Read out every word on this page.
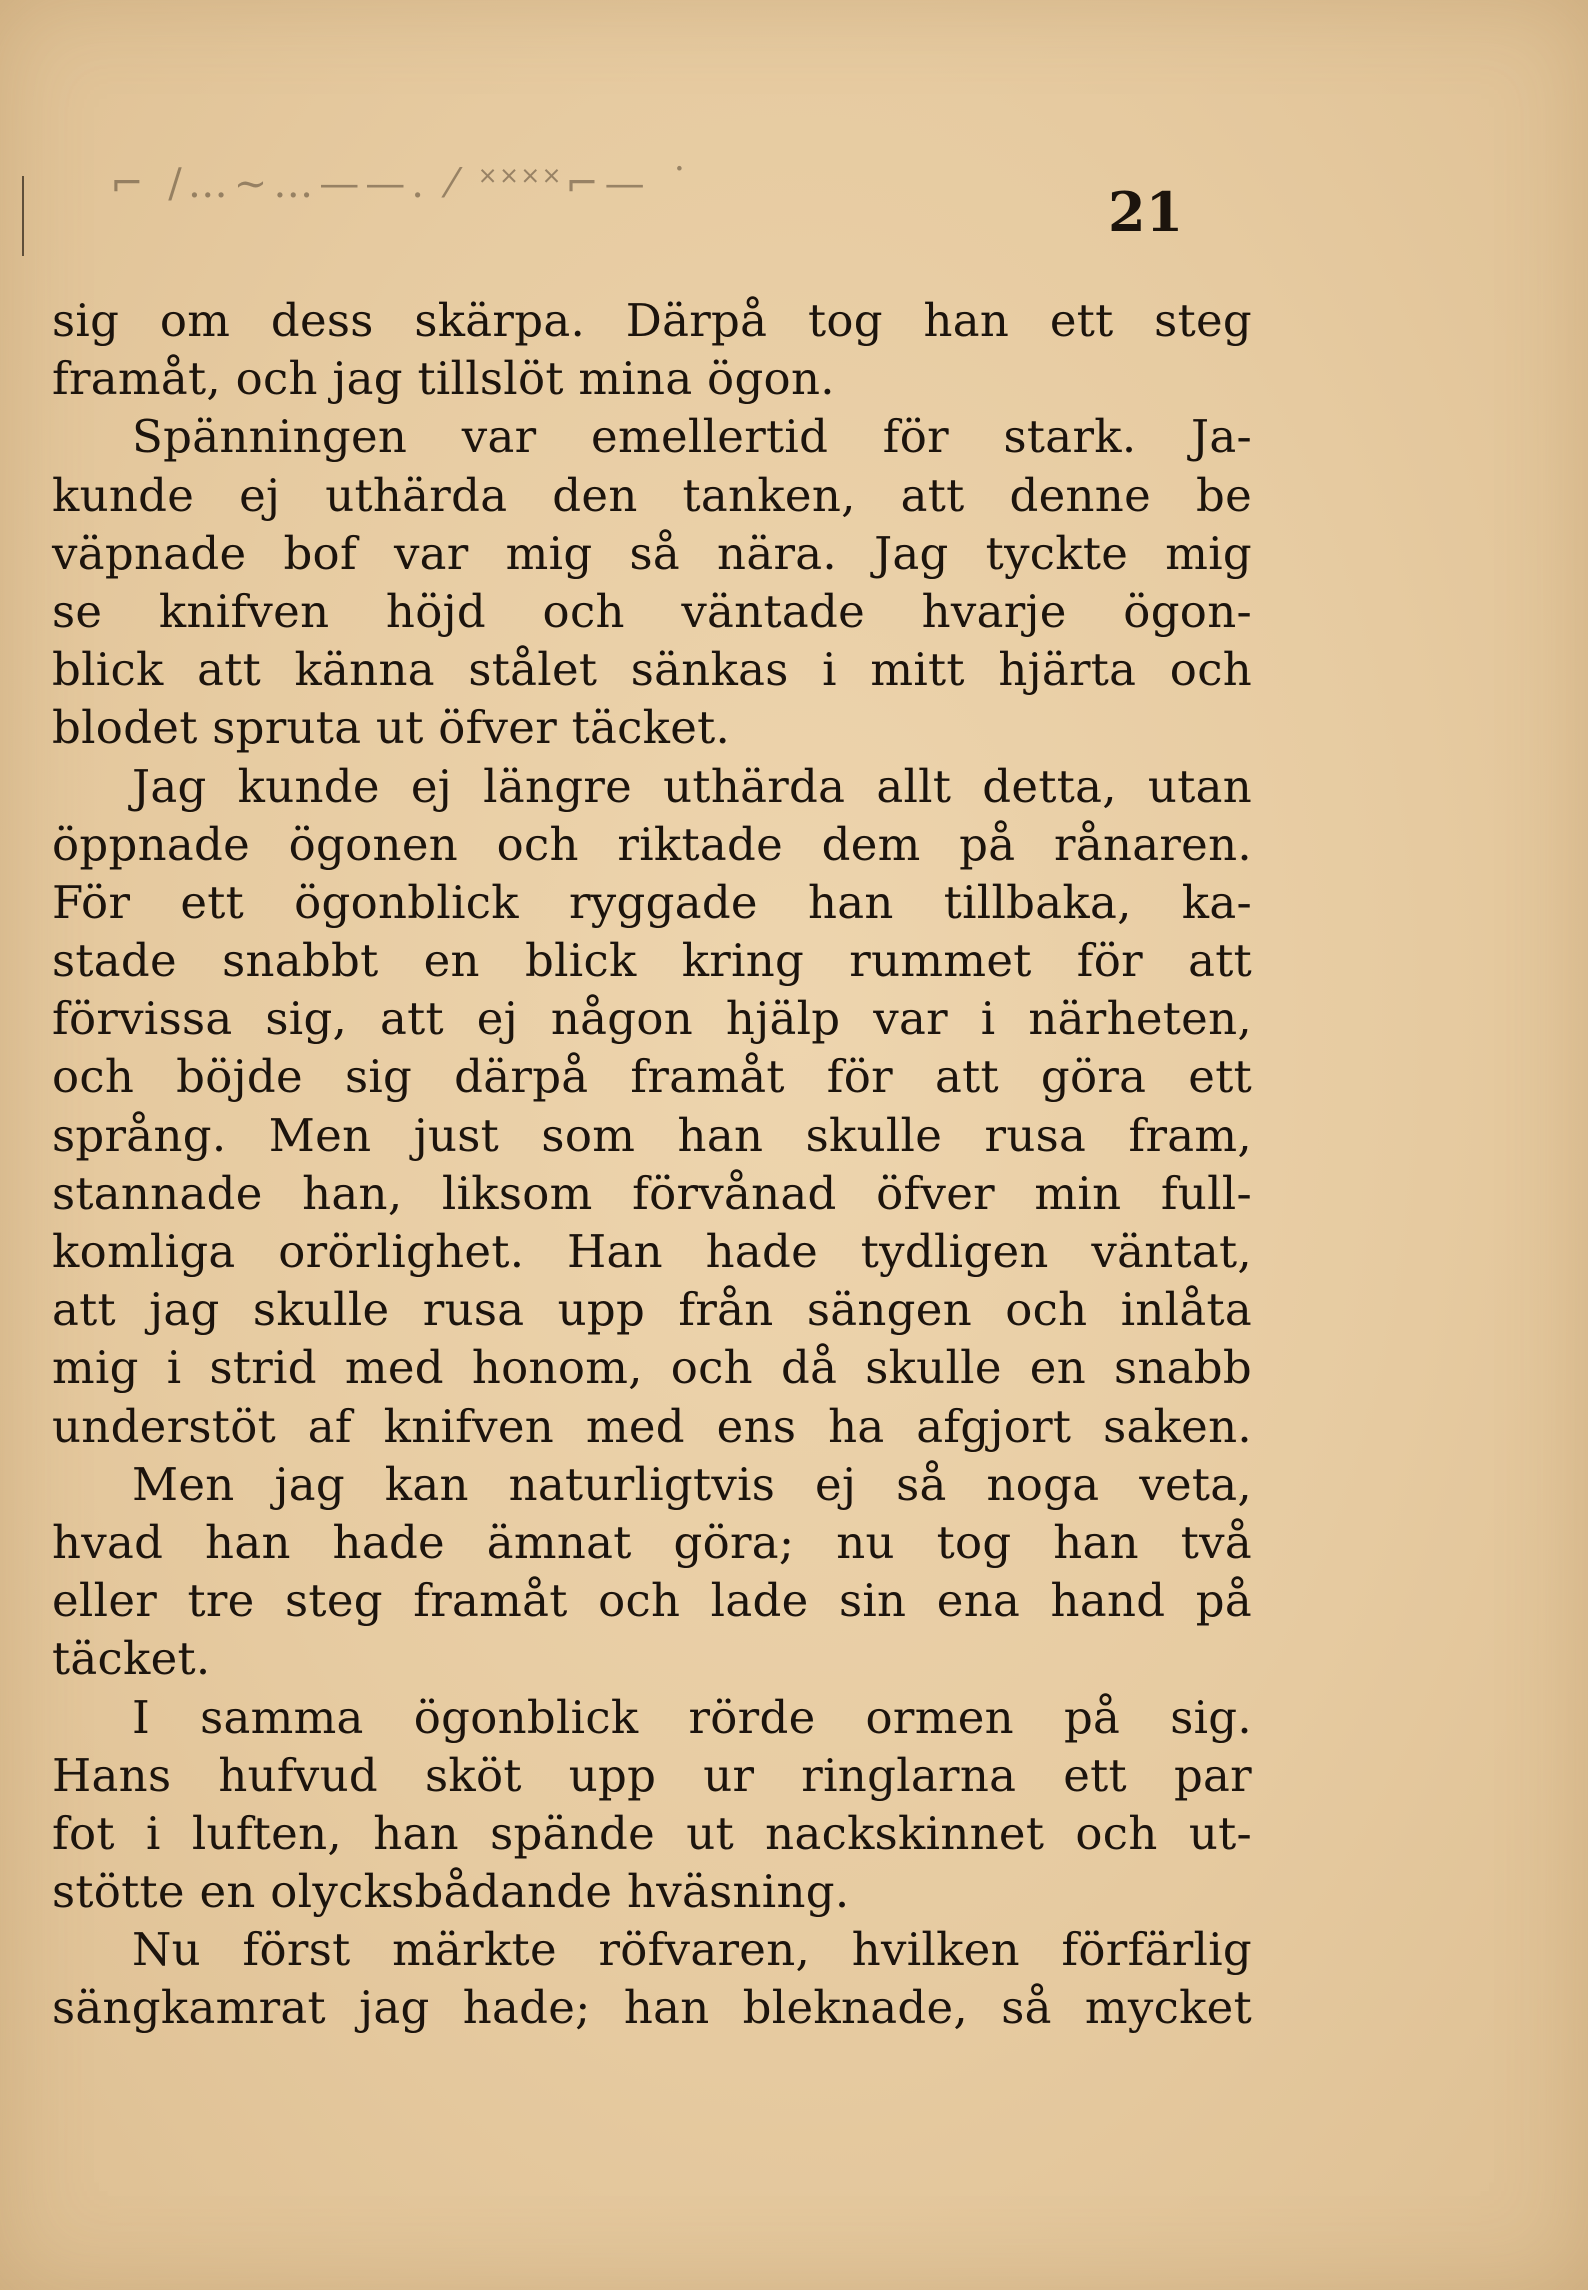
⌐ /…~…——. ⁄ ˟˟˟˟⌐— ˙	21
sig om dess skärpa. Därpå tog han ett steg
framåt, och jag tillslöt mina ögon.
Spänningen var emellertid för stark. Ja-
kunde ej uthärda den tanken, att denne be
väpnade bof var mig så nära. Jag tyckte mig
se knifven höjd och väntade hvarje ögon-
blick att känna stålet sänkas i mitt hjärta och
blodet spruta ut öfver täcket.
Jag kunde ej längre uthärda allt detta, utan
öppnade ögonen och riktade dem på rånaren.
För ett ögonblick ryggade han tillbaka, ka-
stade snabbt en blick kring rummet för att
förvissa sig, att ej någon hjälp var i närheten,
och böjde sig därpå framåt för att göra ett
språng. Men just som han skulle rusa fram,
stannade han, liksom förvånad öfver min full-
komliga orörlighet. Han hade tydligen väntat,
att jag skulle rusa upp från sängen och inlåta
mig i strid med honom, och då skulle en snabb
understöt af knifven med ens ha afgjort saken.
Men jag kan naturligtvis ej så noga veta,
hvad han hade ämnat göra; nu tog han två
eller tre steg framåt och lade sin ena hand på
täcket.
I samma ögonblick rörde ormen på sig.
Hans hufvud sköt upp ur ringlarna ett par
fot i luften, han spände ut nackskinnet och ut-
stötte en olycksbådande hväsning.
Nu först märkte röfvaren, hvilken förfärlig
sängkamrat jag hade; han bleknade, så mycket
